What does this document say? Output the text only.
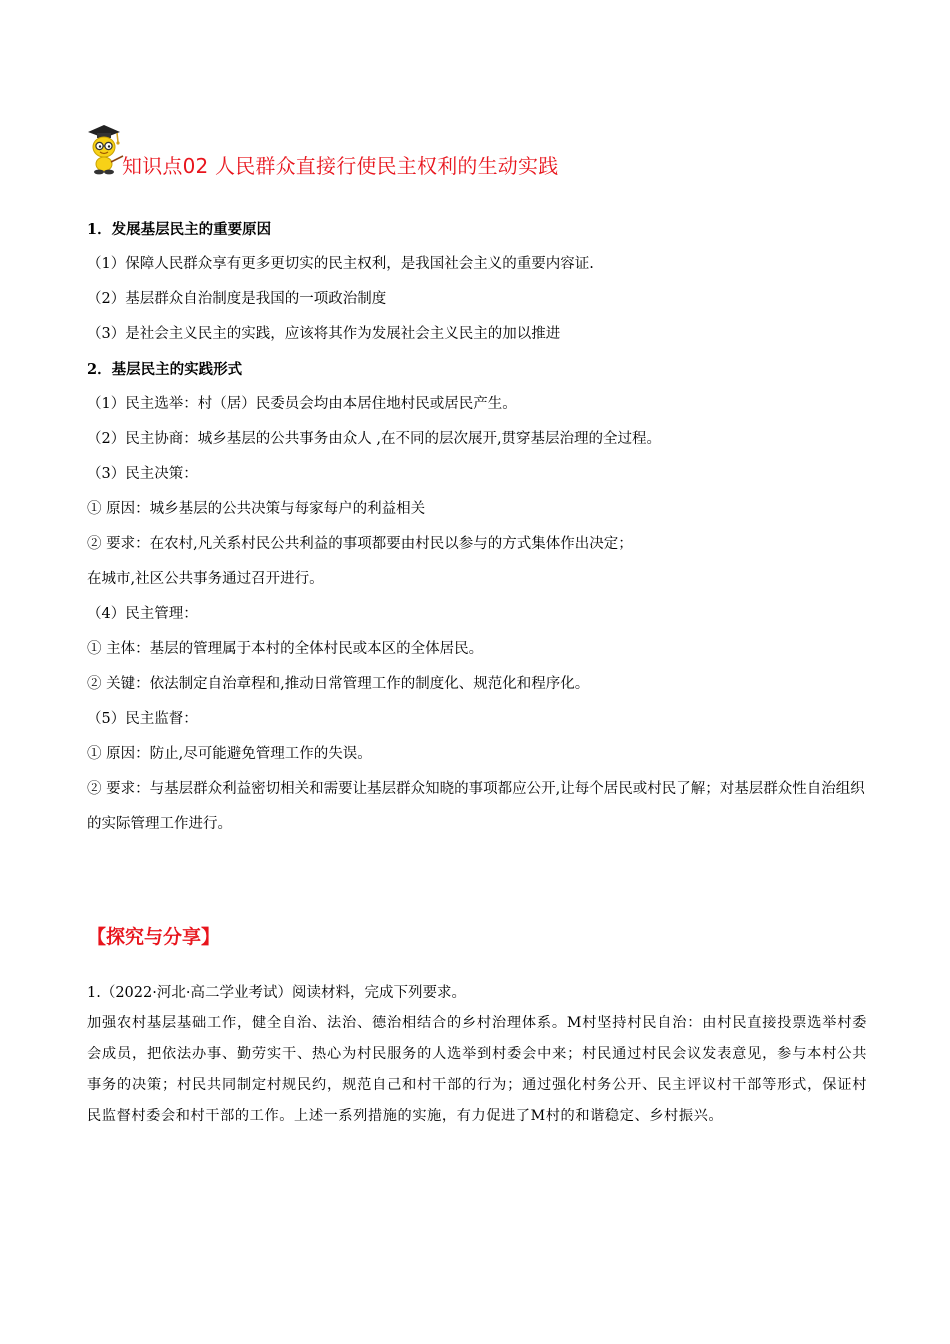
知识点02 人民群众直接行使民主权利的生动实践
1．发展基层民主的重要原因
（1）保障人民群众享有更多更切实的民主权利，是我国社会主义的重要内容证.
（2）基层群众自治制度是我国的一项政治制度
（3）是社会主义民主的实践，应该将其作为发展社会主义民主的加以推进
2．基层民主的实践形式
（1）民主选举：村（居）民委员会均由本居住地村民或居民产生。
（2）民主协商：城乡基层的公共事务由众人 ,在不同的层次展开,贯穿基层治理的全过程。
（3）民主决策：
① 原因：城乡基层的公共决策与每家每户的利益相关
② 要求：在农村,凡关系村民公共利益的事项都要由村民以参与的方式集体作出决定；
在城市,社区公共事务通过召开进行。
（4）民主管理：
① 主体：基层的管理属于本村的全体村民或本区的全体居民。
② 关键：依法制定自治章程和,推动日常管理工作的制度化、规范化和程序化。
（5）民主监督：
① 原因：防止,尽可能避免管理工作的失误。
② 要求：与基层群众利益密切相关和需要让基层群众知晓的事项都应公开,让每个居民或村民了解；对基层群众性自治组织的实际管理工作进行。
【探究与分享】
1.（2022·河北·高二学业考试）阅读材料，完成下列要求。
加强农村基层基础工作，健全自治、法治、德治相结合的乡村治理体系。M村坚持村民自治：由村民直接投票选举村委会成员，把依法办事、勤劳实干、热心为村民服务的人选举到村委会中来；村民通过村民会议发表意见，参与本村公共事务的决策；村民共同制定村规民约，规范自己和村干部的行为；通过强化村务公开、民主评议村干部等形式，保证村民监督村委会和村干部的工作。上述一系列措施的实施，有力促进了M村的和谐稳定、乡村振兴。
